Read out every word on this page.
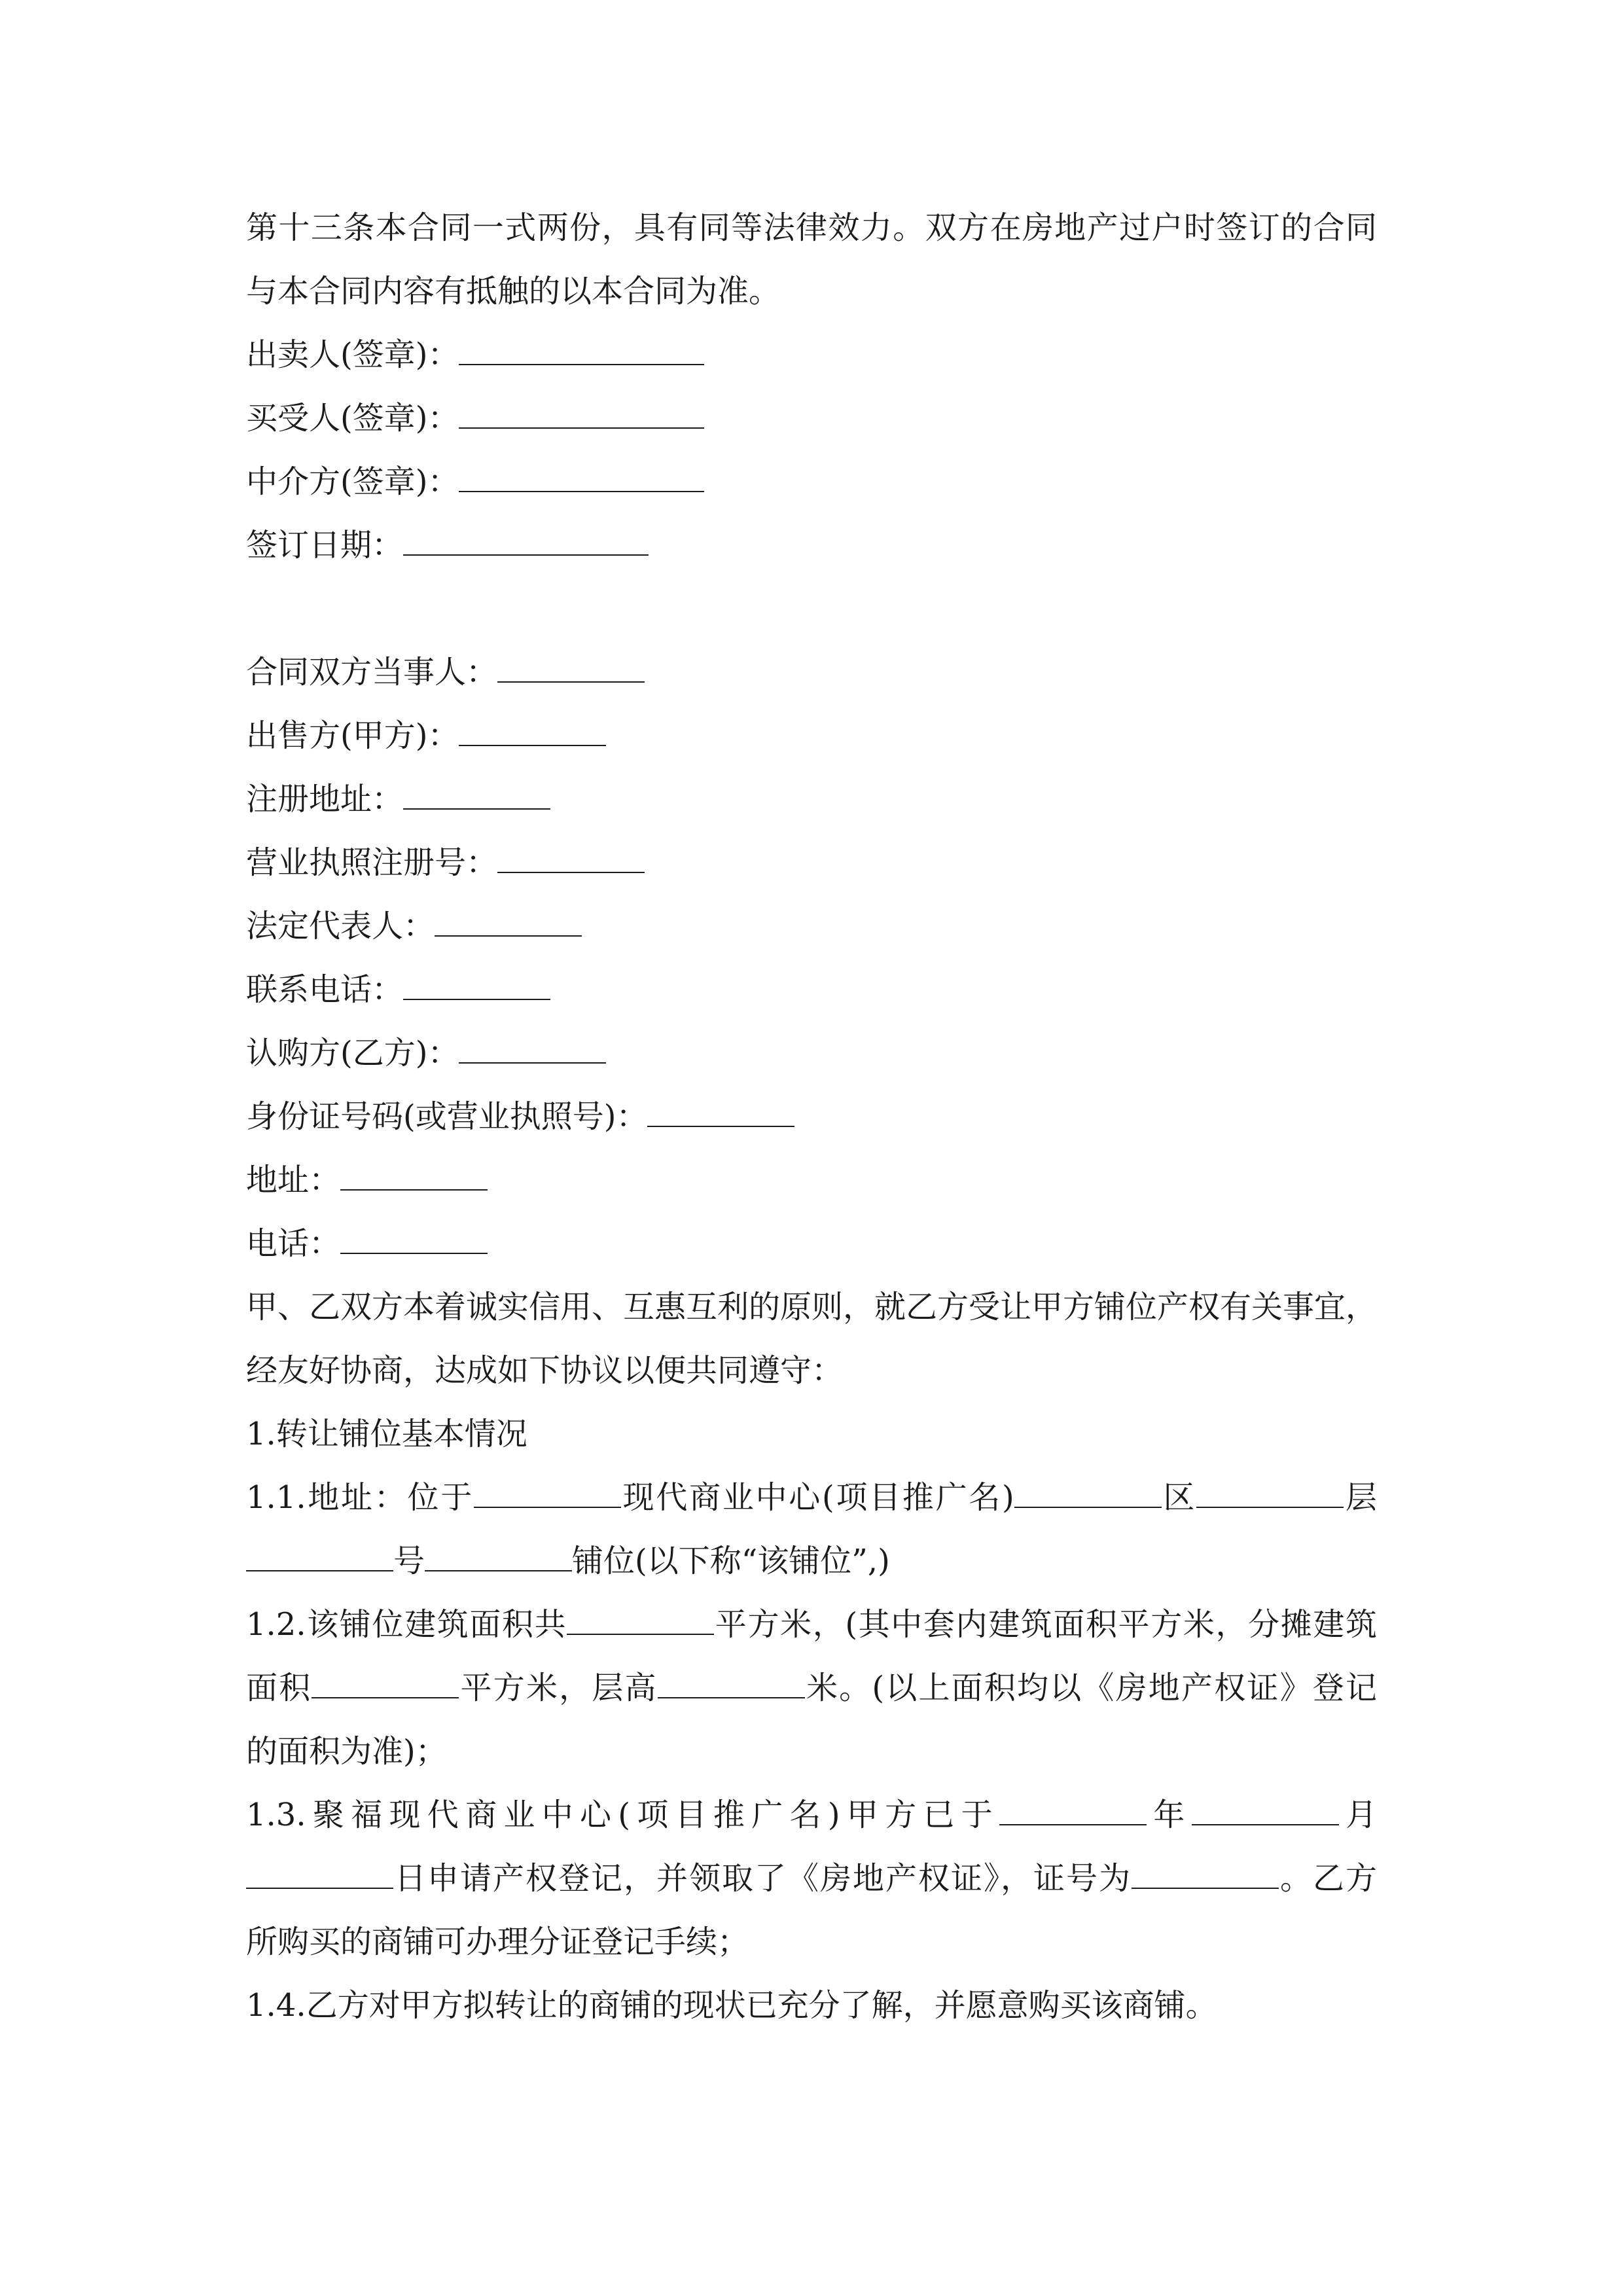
第十三条本合同一式两份，具有同等法律效力。双方在房地产过户时签订的合同
与本合同内容有抵触的以本合同为准。
出卖人(签章)：
买受人(签章)：
中介方(签章)：
签订日期：
合同双方当事人：
出售方(甲方)：
注册地址：
营业执照注册号：
法定代表人：
联系电话：
认购方(乙方)：
身份证号码(或营业执照号)：
地址：
电话：
甲、乙双方本着诚实信用、互惠互利的原则，就乙方受让甲方铺位产权有关事宜，
经友好协商，达成如下协议以便共同遵守：
1.转让铺位基本情况
1.1.地址：位于	现代商业中心(项目推广名)	区	层
号	铺位(以下称“该铺位”,)
1.2.该铺位建筑面积共	平方米，(其中套内建筑面积平方米，分摊建筑
面积	平方米，层高	米。(以上面积均以《房地产权证》登记
的面积为准)；
1.3.聚福现代商业中心(项目推广名)甲方已于	年	月
日申请产权登记，并领取了《房地产权证》，证号为	。乙方
所购买的商铺可办理分证登记手续；
1.4.乙方对甲方拟转让的商铺的现状已充分了解，并愿意购买该商铺。
